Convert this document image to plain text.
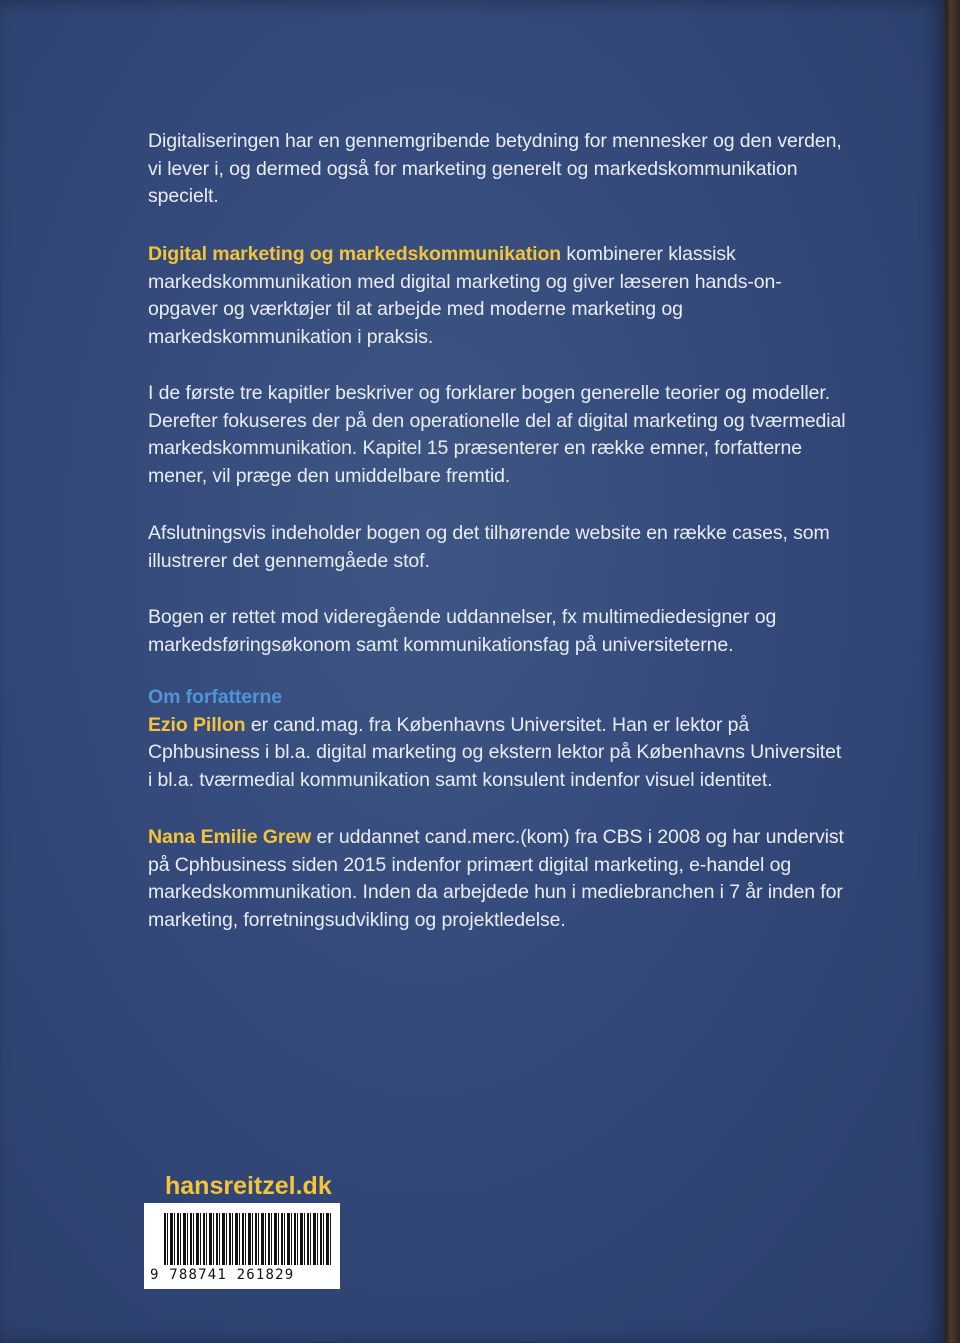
Digitaliseringen har en gennemgribende betydning for mennesker og den verden, vi lever i, og dermed også for marketing generelt og markedskommunikation specielt.
Digital marketing og markedskommunikation kombinerer klassisk markedskommunikation med digital marketing og giver læseren hands-on-opgaver og værktøjer til at arbejde med moderne marketing og markedskommunikation i praksis.
I de første tre kapitler beskriver og forklarer bogen generelle teorier og modeller. Derefter fokuseres der på den operationelle del af digital marketing og tværmedial markedskommunikation. Kapitel 15 præsenterer en række emner, forfatterne mener, vil præge den umiddelbare fremtid.
Afslutningsvis indeholder bogen og det tilhørende website en række cases, som illustrerer det gennemgåede stof.
Bogen er rettet mod videregående uddannelser, fx multimediedesigner og markedsføringsøkonom samt kommunikationsfag på universiteterne.
Om forfatterne
Ezio Pillon er cand.mag. fra Københavns Universitet. Han er lektor på Cphbusiness i bl.a. digital marketing og ekstern lektor på Københavns Universitet i bl.a. tværmedial kommunikation samt konsulent indenfor visuel identitet.
Nana Emilie Grew er uddannet cand.merc.(kom) fra CBS i 2008 og har undervist på Cphbusiness siden 2015 indenfor primært digital marketing, e-handel og markedskommunikation. Inden da arbejdede hun i mediebranchen i 7 år inden for marketing, forretningsudvikling og projektledelse.
hansreitzel.dk
9 788741 261829
